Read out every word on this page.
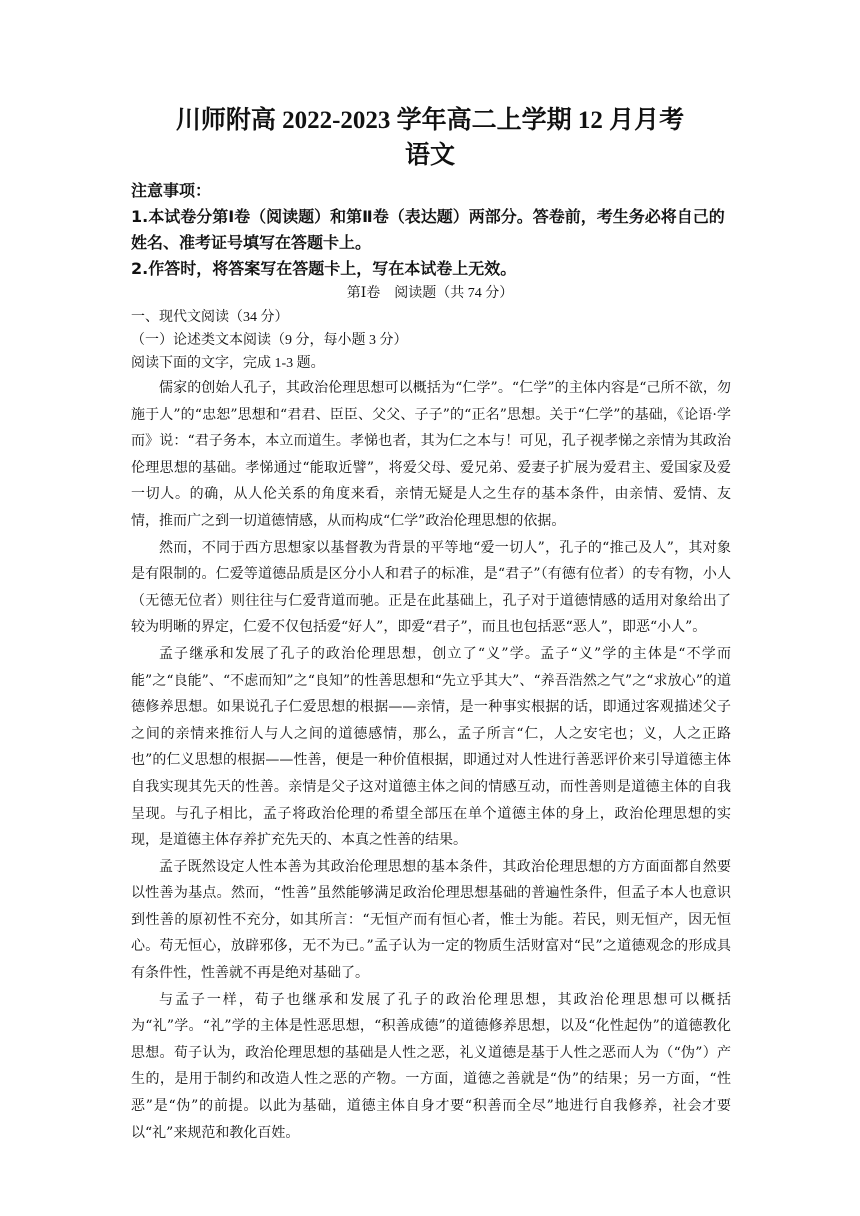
川师附高 2022-2023 学年高二上学期 12 月月考
语文
注意事项：
1.本试卷分第Ⅰ卷（阅读题）和第Ⅱ卷（表达题）两部分。答卷前，考生务必将自己的姓名、准考证号填写在答题卡上。
2.作答时，将答案写在答题卡上，写在本试卷上无效。
第Ⅰ卷　阅读题（共 74 分）
一、现代文阅读（34 分）
（一）论述类文本阅读（9 分，每小题 3 分）
阅读下面的文字，完成 1-3 题。

儒家的创始人孔子，其政治伦理思想可以概括为“仁学”。“仁学”的主体内容是“己所不欲，勿施于人”的“忠恕”思想和“君君、臣臣、父父、子子”的“正名”思想。关于“仁学”的基础，《论语·学而》说：“君子务本，本立而道生。孝悌也者，其为仁之本与！可见，孔子视孝悌之亲情为其政治伦理思想的基础。孝悌通过“能取近譬”，将爱父母、爱兄弟、爱妻子扩展为爱君主、爱国家及爱一切人。的确，从人伦关系的角度来看，亲情无疑是人之生存的基本条件，由亲情、爱情、友情，推而广之到一切道德情感，从而构成“仁学”政治伦理思想的依据。

然而，不同于西方思想家以基督教为背景的平等地“爱一切人”，孔子的“推己及人”，其对象是有限制的。仁爱等道德品质是区分小人和君子的标准，是“君子”（有德有位者）的专有物，小人（无德无位者）则往往与仁爱背道而驰。正是在此基础上，孔子对于道德情感的适用对象给出了较为明晰的界定，仁爱不仅包括爱“好人”，即爱“君子”，而且也包括恶“恶人”，即恶“小人”。

孟子继承和发展了孔子的政治伦理思想，创立了“义”学。孟子“义”学的主体是“不学而能”之“良能”、“不虑而知”之“良知”的性善思想和“先立乎其大”、“养吾浩然之气”之“求放心”的道德修养思想。如果说孔子仁爱思想的根据——亲情，是一种事实根据的话，即通过客观描述父子之间的亲情来推衍人与人之间的道德感情，那么，孟子所言“仁，人之安宅也；义，人之正路也”的仁义思想的根据——性善，便是一种价值根据，即通过对人性进行善恶评价来引导道德主体自我实现其先天的性善。亲情是父子这对道德主体之间的情感互动，而性善则是道德主体的自我呈现。与孔子相比，孟子将政治伦理的希望全部压在单个道德主体的身上，政治伦理思想的实现，是道德主体存养扩充先天的、本真之性善的结果。

孟子既然设定人性本善为其政治伦理思想的基本条件，其政治伦理思想的方方面面都自然要以性善为基点。然而，“性善”虽然能够满足政治伦理思想基础的普遍性条件，但孟子本人也意识到性善的原初性不充分，如其所言：“无恒产而有恒心者，惟士为能。若民，则无恒产，因无恒心。苟无恒心，放辟邪侈，无不为已。”孟子认为一定的物质生活财富对“民”之道德观念的形成具有条件性，性善就不再是绝对基础了。

与孟子一样，荀子也继承和发展了孔子的政治伦理思想，其政治伦理思想可以概括为“礼”学。“礼”学的主体是性恶思想，“积善成德”的道德修养思想，以及“化性起伪”的道德教化思想。荀子认为，政治伦理思想的基础是人性之恶，礼义道德是基于人性之恶而人为（“伪”）产生的，是用于制约和改造人性之恶的产物。一方面，道德之善就是“伪”的结果；另一方面，“性恶”是“伪”的前提。以此为基础，道德主体自身才要“积善而全尽”地进行自我修养，社会才要以“礼”来规范和教化百姓。
